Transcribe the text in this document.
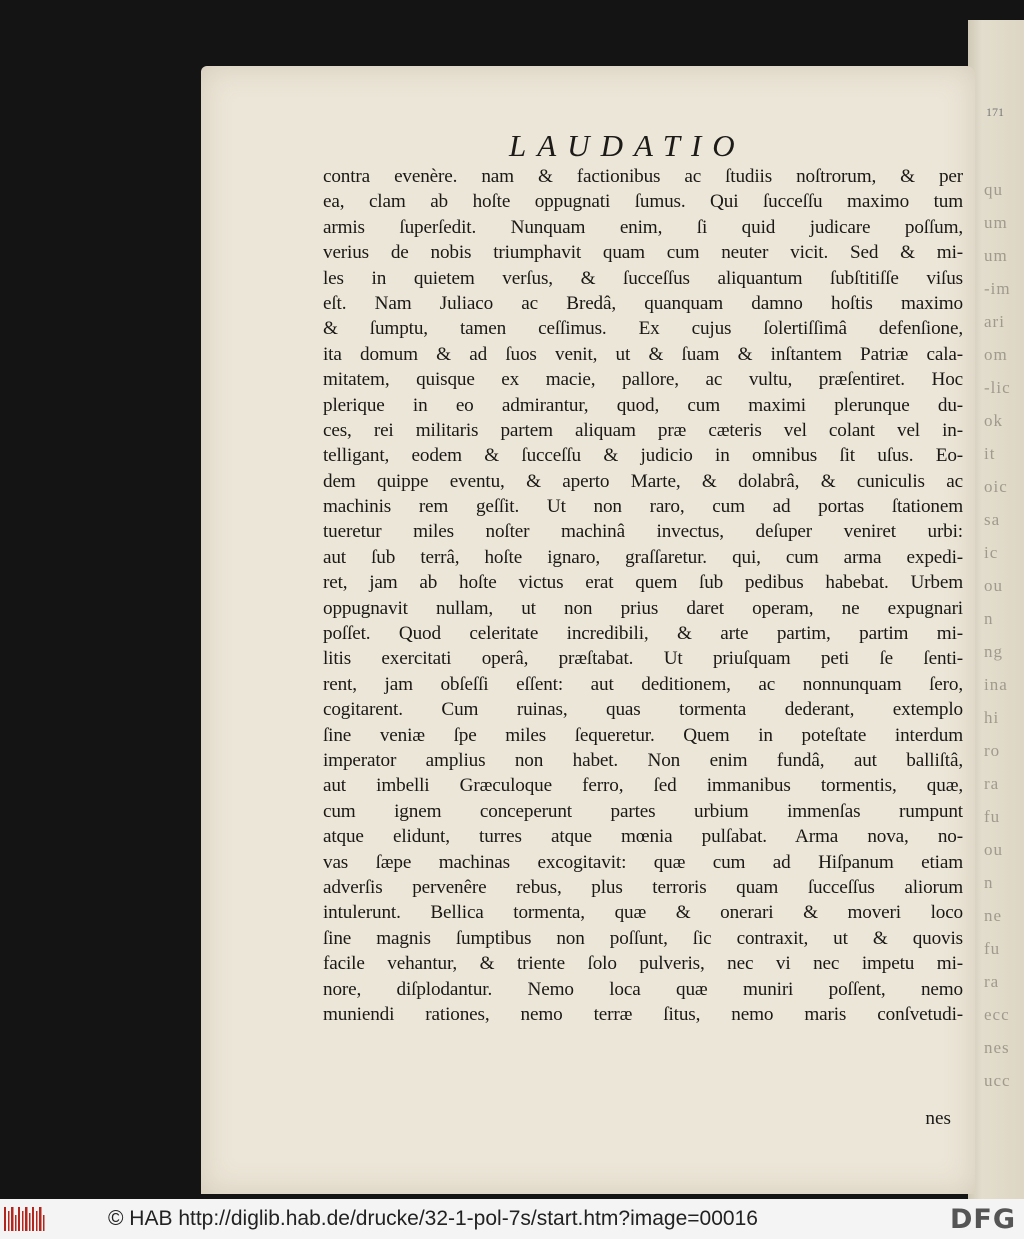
171
qu
um
um
-im
ari
om
-lic
ok
it
oic
sa
ic
ou
n
ng
ina
hi
ro
ra
fu
ou
n
ne
fu
ra
ecc
nes
ucc
LAUDATIO
contra evenère. nam & factionibus ac ſtudiis noſtrorum, & per
ea, clam ab hoſte oppugnati ſumus. Qui ſucceſſu maximo tum
armis ſuperſedit. Nunquam enim, ſi quid judicare poſſum,
verius de nobis triumphavit quam cum neuter vicit. Sed & mi-
les in quietem verſus, & ſucceſſus aliquantum ſubſtitiſſe viſus
eſt. Nam Juliaco ac Bredâ, quanquam damno hoſtis maximo
& ſumptu, tamen ceſſimus. Ex cujus ſolertiſſimâ defenſione,
ita domum & ad ſuos venit, ut & ſuam & inſtantem Patriæ cala-
mitatem, quisque ex macie, pallore, ac vultu, præſentiret. Hoc
plerique in eo admirantur, quod, cum maximi plerunque du-
ces, rei militaris partem aliquam præ cæteris vel colant vel in-
telligant, eodem & ſucceſſu & judicio in omnibus ſit uſus. Eo-
dem quippe eventu, & aperto Marte, & dolabrâ, & cuniculis ac
machinis rem geſſit. Ut non raro, cum ad portas ſtationem
tueretur miles noſter machinâ invectus, deſuper veniret urbi:
aut ſub terrâ, hoſte ignaro, graſſaretur. qui, cum arma expedi-
ret, jam ab hoſte victus erat quem ſub pedibus habebat. Urbem
oppugnavit nullam, ut non prius daret operam, ne expugnari
poſſet. Quod celeritate incredibili, & arte partim, partim mi-
litis exercitati operâ, præſtabat. Ut priuſquam peti ſe ſenti-
rent, jam obſeſſi eſſent: aut deditionem, ac nonnunquam ſero,
cogitarent. Cum ruinas, quas tormenta dederant, extemplo
ſine veniæ ſpe miles ſequeretur. Quem in poteſtate interdum
imperator amplius non habet. Non enim fundâ, aut balliſtâ,
aut imbelli Græculoque ferro, ſed immanibus tormentis, quæ,
cum ignem conceperunt partes urbium immenſas rumpunt
atque elidunt, turres atque mœnia pulſabat. Arma nova, no-
vas ſæpe machinas excogitavit: quæ cum ad Hiſpanum etiam
adverſis pervenêre rebus, plus terroris quam ſucceſſus aliorum
intulerunt. Bellica tormenta, quæ & onerari & moveri loco
ſine magnis ſumptibus non poſſunt, ſic contraxit, ut & quovis
facile vehantur, & triente ſolo pulveris, nec vi nec impetu mi-
nore, diſplodantur. Nemo loca quæ muniri poſſent, nemo
muniendi rationes, nemo terræ ſitus, nemo maris conſvetudi-
nes
© HAB http://diglib.hab.de/drucke/32-1-pol-7s/start.htm?image=00016	DFG
